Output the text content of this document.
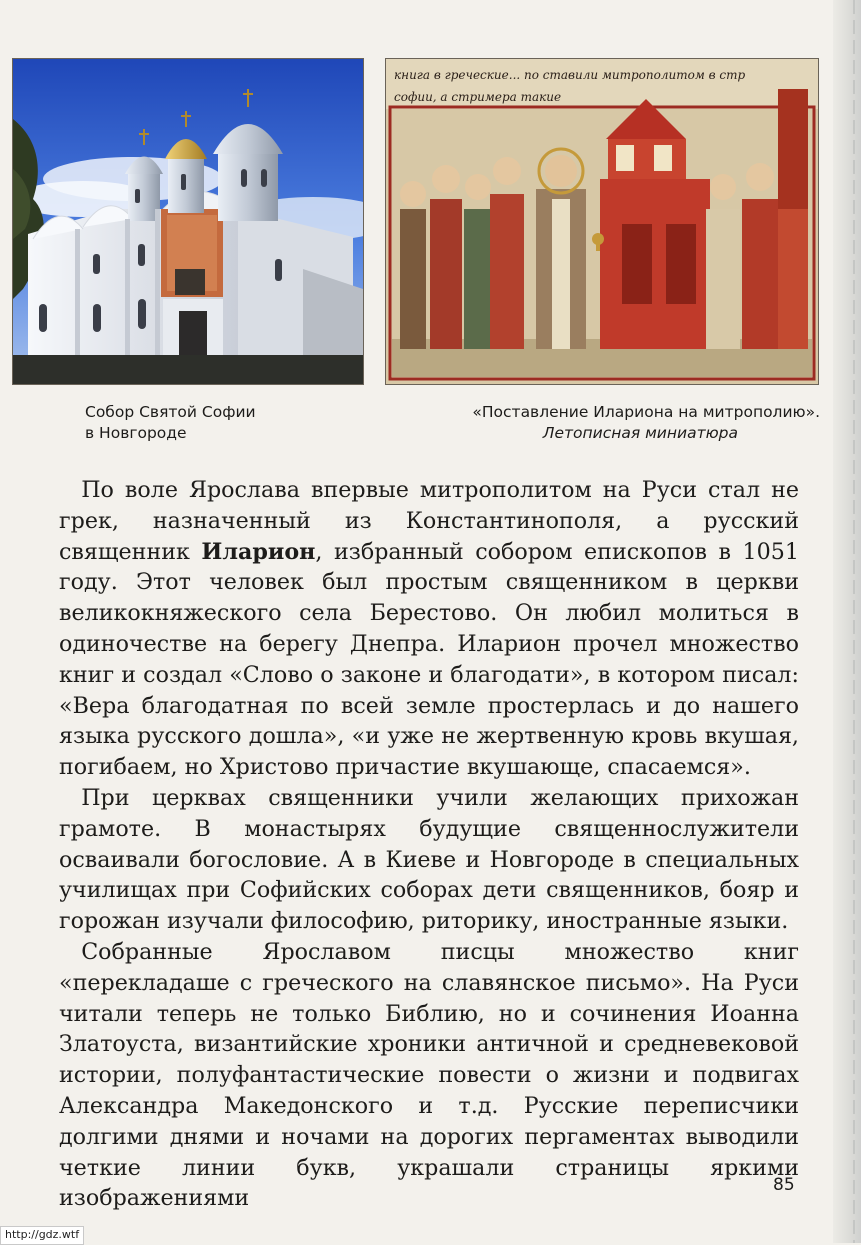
книга в греческие... по ставили митрополитом в стр
софии, а стримера такие
Собор Святой Софии
в Новгороде
«Поставление Илариона на митрополию».
Летописная миниатюра

 По воле Ярослава впервые митрополитом на Руси стал не грек, назначенный из Константинополя, а русский священник Иларион, избранный собором епископов в 1051 году. Этот человек был простым священником в церкви великокняжеского села Берестово. Он любил молиться в одиночестве на берегу Днепра. Иларион прочел множество книг и создал «Слово о законе и благодати», в котором писал: «Вера благодатная по всей земле простерлась и до нашего языка русского дошла», «и уже не жертвенную кровь вкушая, погибаем, но Христово причастие вкушающе, спасаемся».

 При церквах священники учили желающих прихожан грамоте. В монастырях будущие священнослужители осваивали богословие. А в Киеве и Новгороде в специальных училищах при Софийских соборах дети священников, бояр и горожан изучали философию, риторику, иностранные языки.

 Собранные Ярославом писцы множество книг «перекладаше с греческого на славянское письмо». На Руси читали теперь не только Библию, но и сочинения Иоанна Златоуста, византийские хроники античной и средневековой истории, полуфантастические повести о жизни и подвигах Александра Македонского и т.д. Русские переписчики долгими днями и ночами на дорогих пергаментах выводили четкие линии букв, украшали страницы яркими изображениями

85
http://gdz.wtf
